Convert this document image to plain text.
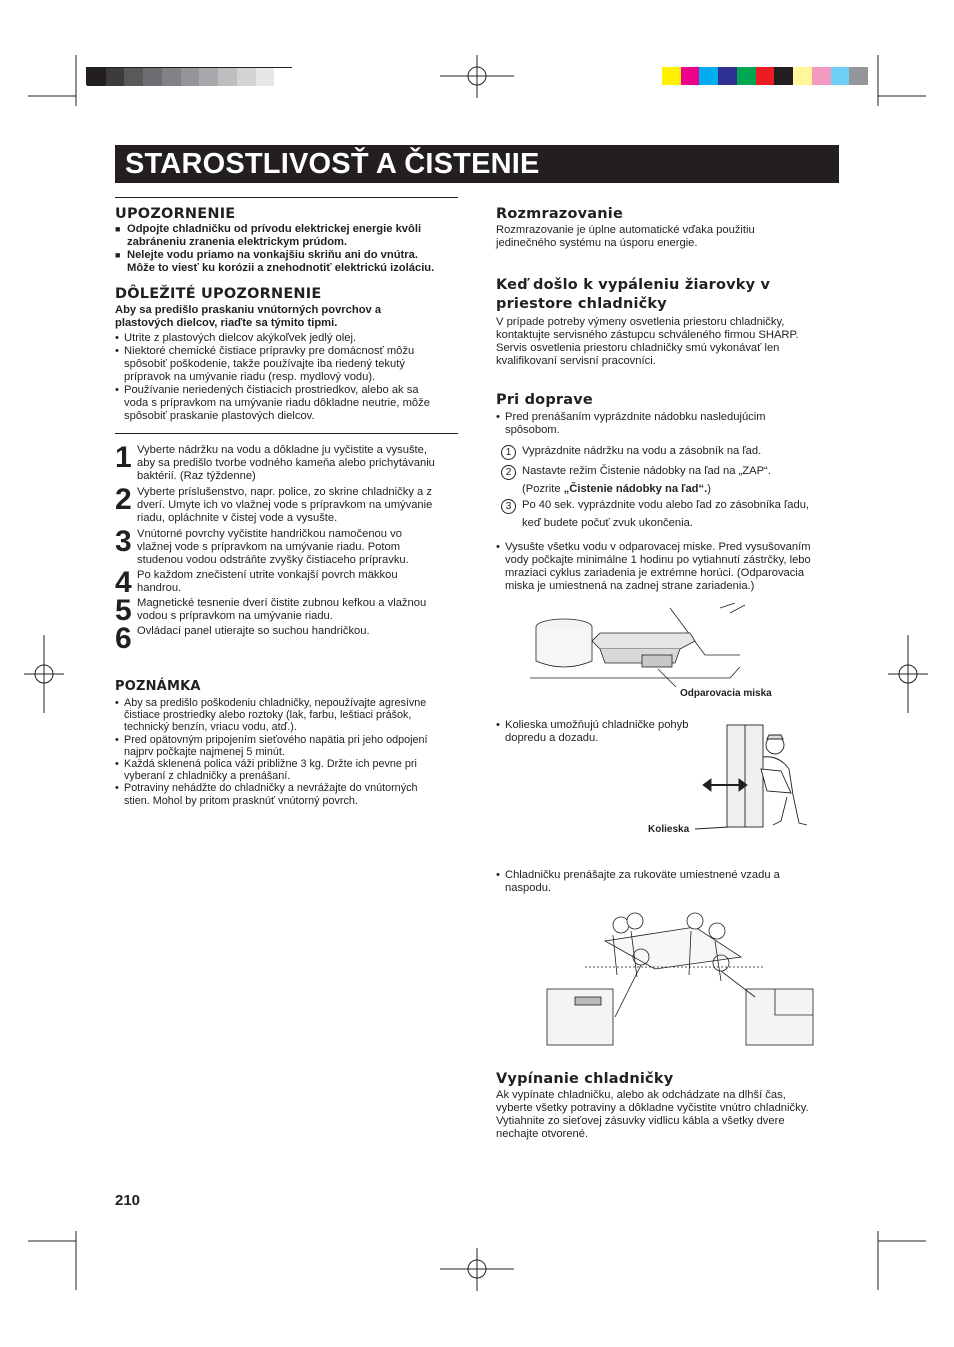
STAROSTLIVOSŤ A ČISTENIE
UPOZORNENIE
■ Odpojte chladničku od prívodu elektrickej energie kvôli
zabráneniu zranenia elektrickym prúdom.
■ Nelejte vodu priamo na vonkajšiu skriňu ani do vnútra.
Môže to viesť ku korózii a znehodnotiť elektrickú izoláciu.
DÔLEŽITÉ UPOZORNENIE
Aby sa predišlo praskaniu vnútorných povrchov a
plastových dielcov, riaďte sa týmito tipmi.
• Utrite z plastových dielcov akýkoľvek jedlý olej.
• Niektoré chemické čistiace prípravky pre domácnosť môžu
spôsobiť poškodenie, takže používajte iba riedený tekutý
prípravok na umývanie riadu (resp. mydlový vodu).
• Používanie neriedených čistiacich prostriedkov, alebo ak sa
voda s prípravkom na umývanie riadu dôkladne neutrie, môže
spôsobiť praskanie plastových dielcov.
1 Vyberte nádržku na vodu a dôkladne ju vyčistite a vysušte,
aby sa predišlo tvorbe vodného kameňa alebo prichytávaniu
baktérií. (Raz týždenne)
2 Vyberte príslušenstvo, napr. police, zo skrine chladničky a z
dverí. Umyte ich vo vlažnej vode s prípravkom na umývanie
riadu, opláchnite v čistej vode a vysušte.
3 Vnútorné povrchy vyčistite handričkou namočenou vo
vlažnej vode s prípravkom na umývanie riadu. Potom
studenou vodou odstráňte zvyšky čistiaceho prípravku.
4 Po každom znečistení utrite vonkajší povrch mäkkou
handrou.
5 Magnetické tesnenie dverí čistite zubnou kefkou a vlažnou
vodou s prípravkom na umývanie riadu.
6 Ovládací panel utierajte so suchou handričkou.
POZNÁMKA
• Aby sa predišlo poškodeniu chladničky, nepoužívajte agresívne
čistiace prostriedky alebo roztoky (lak, farbu, leštiaci prášok,
technický benzín, vriacu vodu, atď.).
• Pred opätovným pripojením sieťového napätia pri jeho odpojení
najprv počkajte najmenej 5 minút.
• Každá sklenená polica váži približne 3 kg. Držte ich pevne pri
vyberaní z chladničky a prenášaní.
• Potraviny nehádžte do chladničky a nevrážajte do vnútorných
stien. Mohol by pritom prasknúť vnútorný povrch.
Rozmrazovanie
Rozmrazovanie je úplne automatické vďaka použitiu
jedinečného systému na úsporu energie.
Keď došlo k vypáleniu žiarovky v
priestore chladničky
V prípade potreby výmeny osvetlenia priestoru chladničky,
kontaktujte servisného zástupcu schváleného firmou SHARP.
Servis osvetlenia priestoru chladničky smú vykonávať len
kvalifikovaní servisní pracovníci.
Pri doprave
• Pred prenášaním vyprázdnite nádobku nasledujúcim
spôsobom.
1 Vyprázdnite nádržku na vodu a zásobník na ľad.
2 Nastavte režim Čistenie nádobky na ľad na „ZAP“.
(Pozrite „Čistenie nádobky na ľad“.)
3 Po 40 sek. vyprázdnite vodu alebo ľad zo zásobníka ľadu,
keď budete počuť zvuk ukončenia.
• Vysušte všetku vodu v odparovacej miske. Pred vysušovaním
vody počkajte minimálne 1 hodinu po vytiahnutí zástrčky, lebo
mraziaci cyklus zariadenia je extrémne horúci. (Odparovacia
miska je umiestnená na zadnej strane zariadenia.)
Odparovacia miska
• Kolieska umožňujú chladničke pohyb
dopredu a dozadu.
Kolieska
• Chladničku prenášajte za rukoväte umiestnené vzadu a
naspodu.
Vypínanie chladničky
Ak vypínate chladničku, alebo ak odchádzate na dlhší čas,
vyberte všetky potraviny a dôkladne vyčistite vnútro chladničky.
Vytiahnite zo sieťovej zásuvky vidlicu kábla a všetky dvere
nechajte otvorené.
210
